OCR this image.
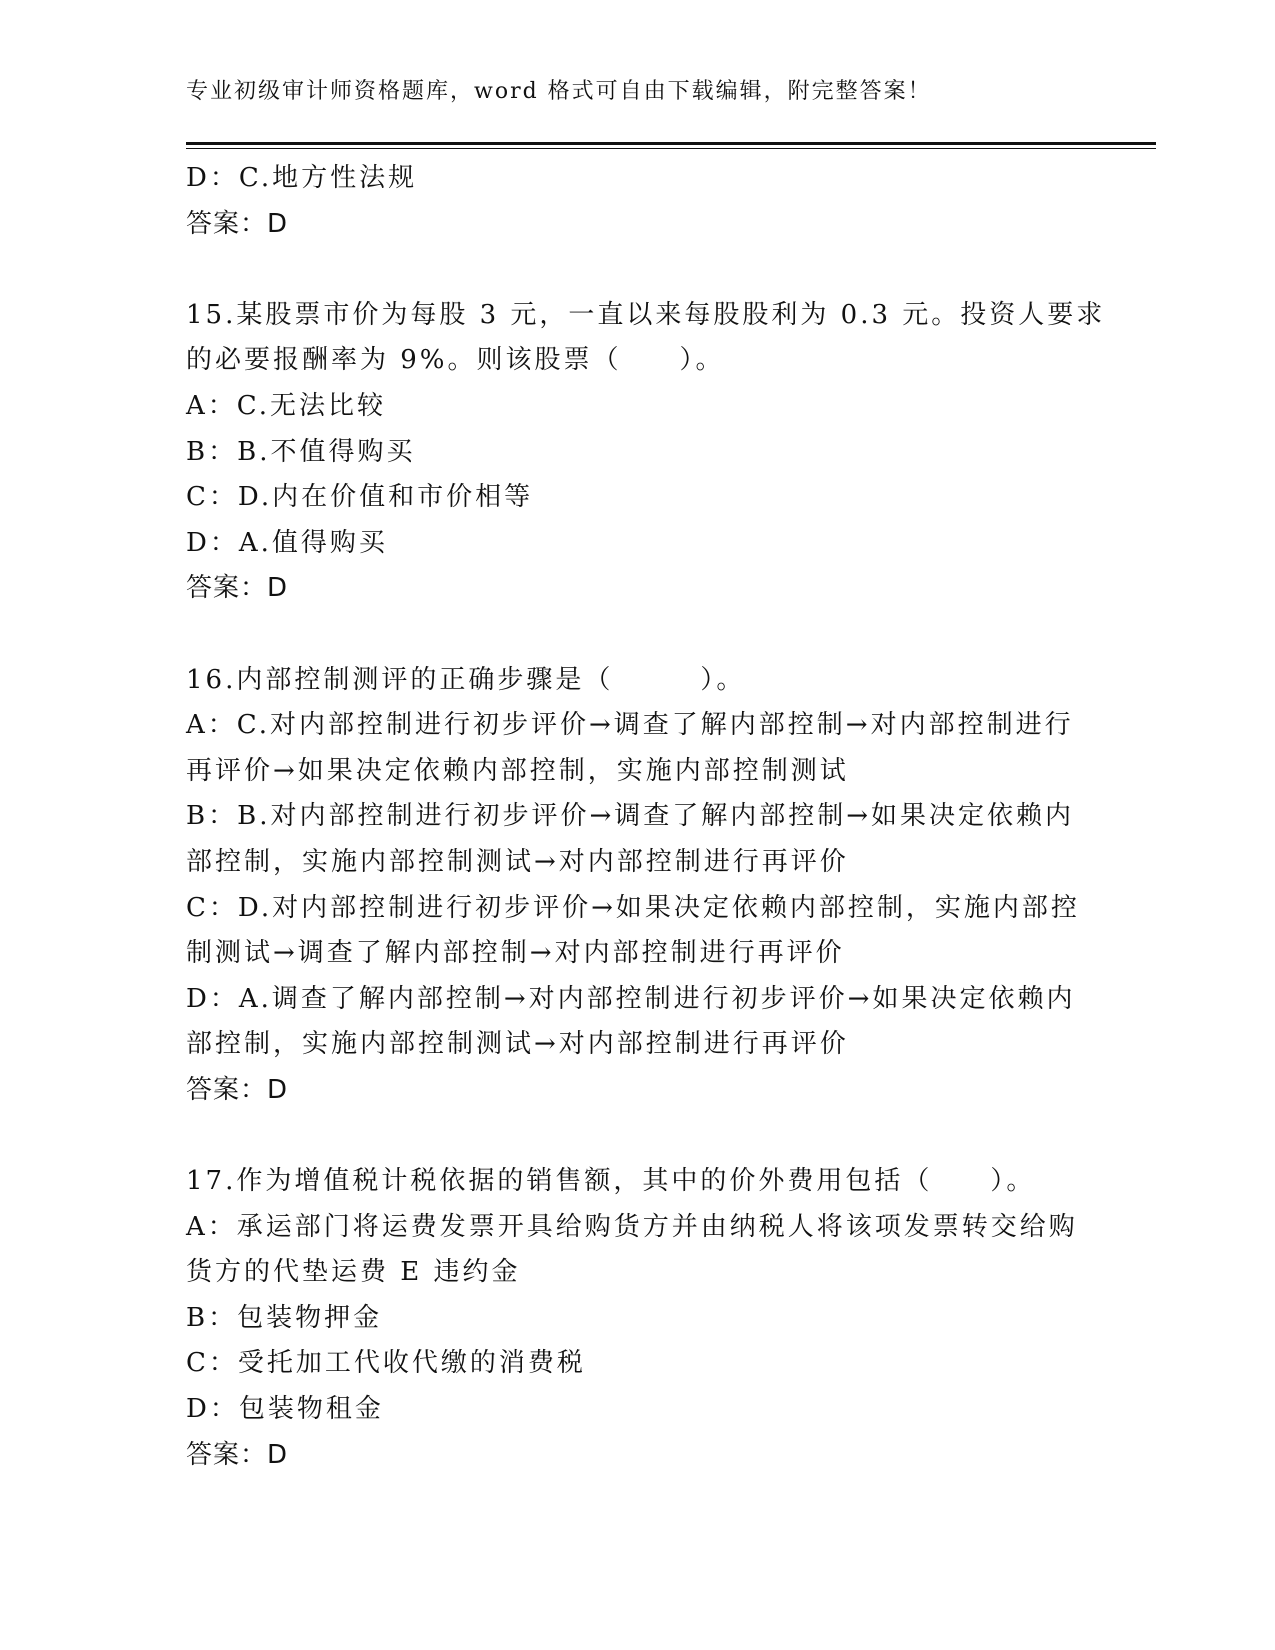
专业初级审计师资格题库，word 格式可自由下载编辑，附完整答案！
D：C.地方性法规
答案：D
15.某股票市价为每股 3 元，一直以来每股股利为 0.3 元。投资人要求
的必要报酬率为 9%。则该股票（　　）。
A：C.无法比较
B：B.不值得购买
C：D.内在价值和市价相等
D：A.值得购买
答案：D
16.内部控制测评的正确步骤是（　　　）。
A：C.对内部控制进行初步评价→调查了解内部控制→对内部控制进行
再评价→如果决定依赖内部控制，实施内部控制测试
B：B.对内部控制进行初步评价→调查了解内部控制→如果决定依赖内
部控制，实施内部控制测试→对内部控制进行再评价
C：D.对内部控制进行初步评价→如果决定依赖内部控制，实施内部控
制测试→调查了解内部控制→对内部控制进行再评价
D：A.调查了解内部控制→对内部控制进行初步评价→如果决定依赖内
部控制，实施内部控制测试→对内部控制进行再评价
答案：D
17.作为增值税计税依据的销售额，其中的价外费用包括（　　）。
A：承运部门将运费发票开具给购货方并由纳税人将该项发票转交给购
货方的代垫运费 E 违约金
B：包装物押金
C：受托加工代收代缴的消费税
D：包装物租金
答案：D
